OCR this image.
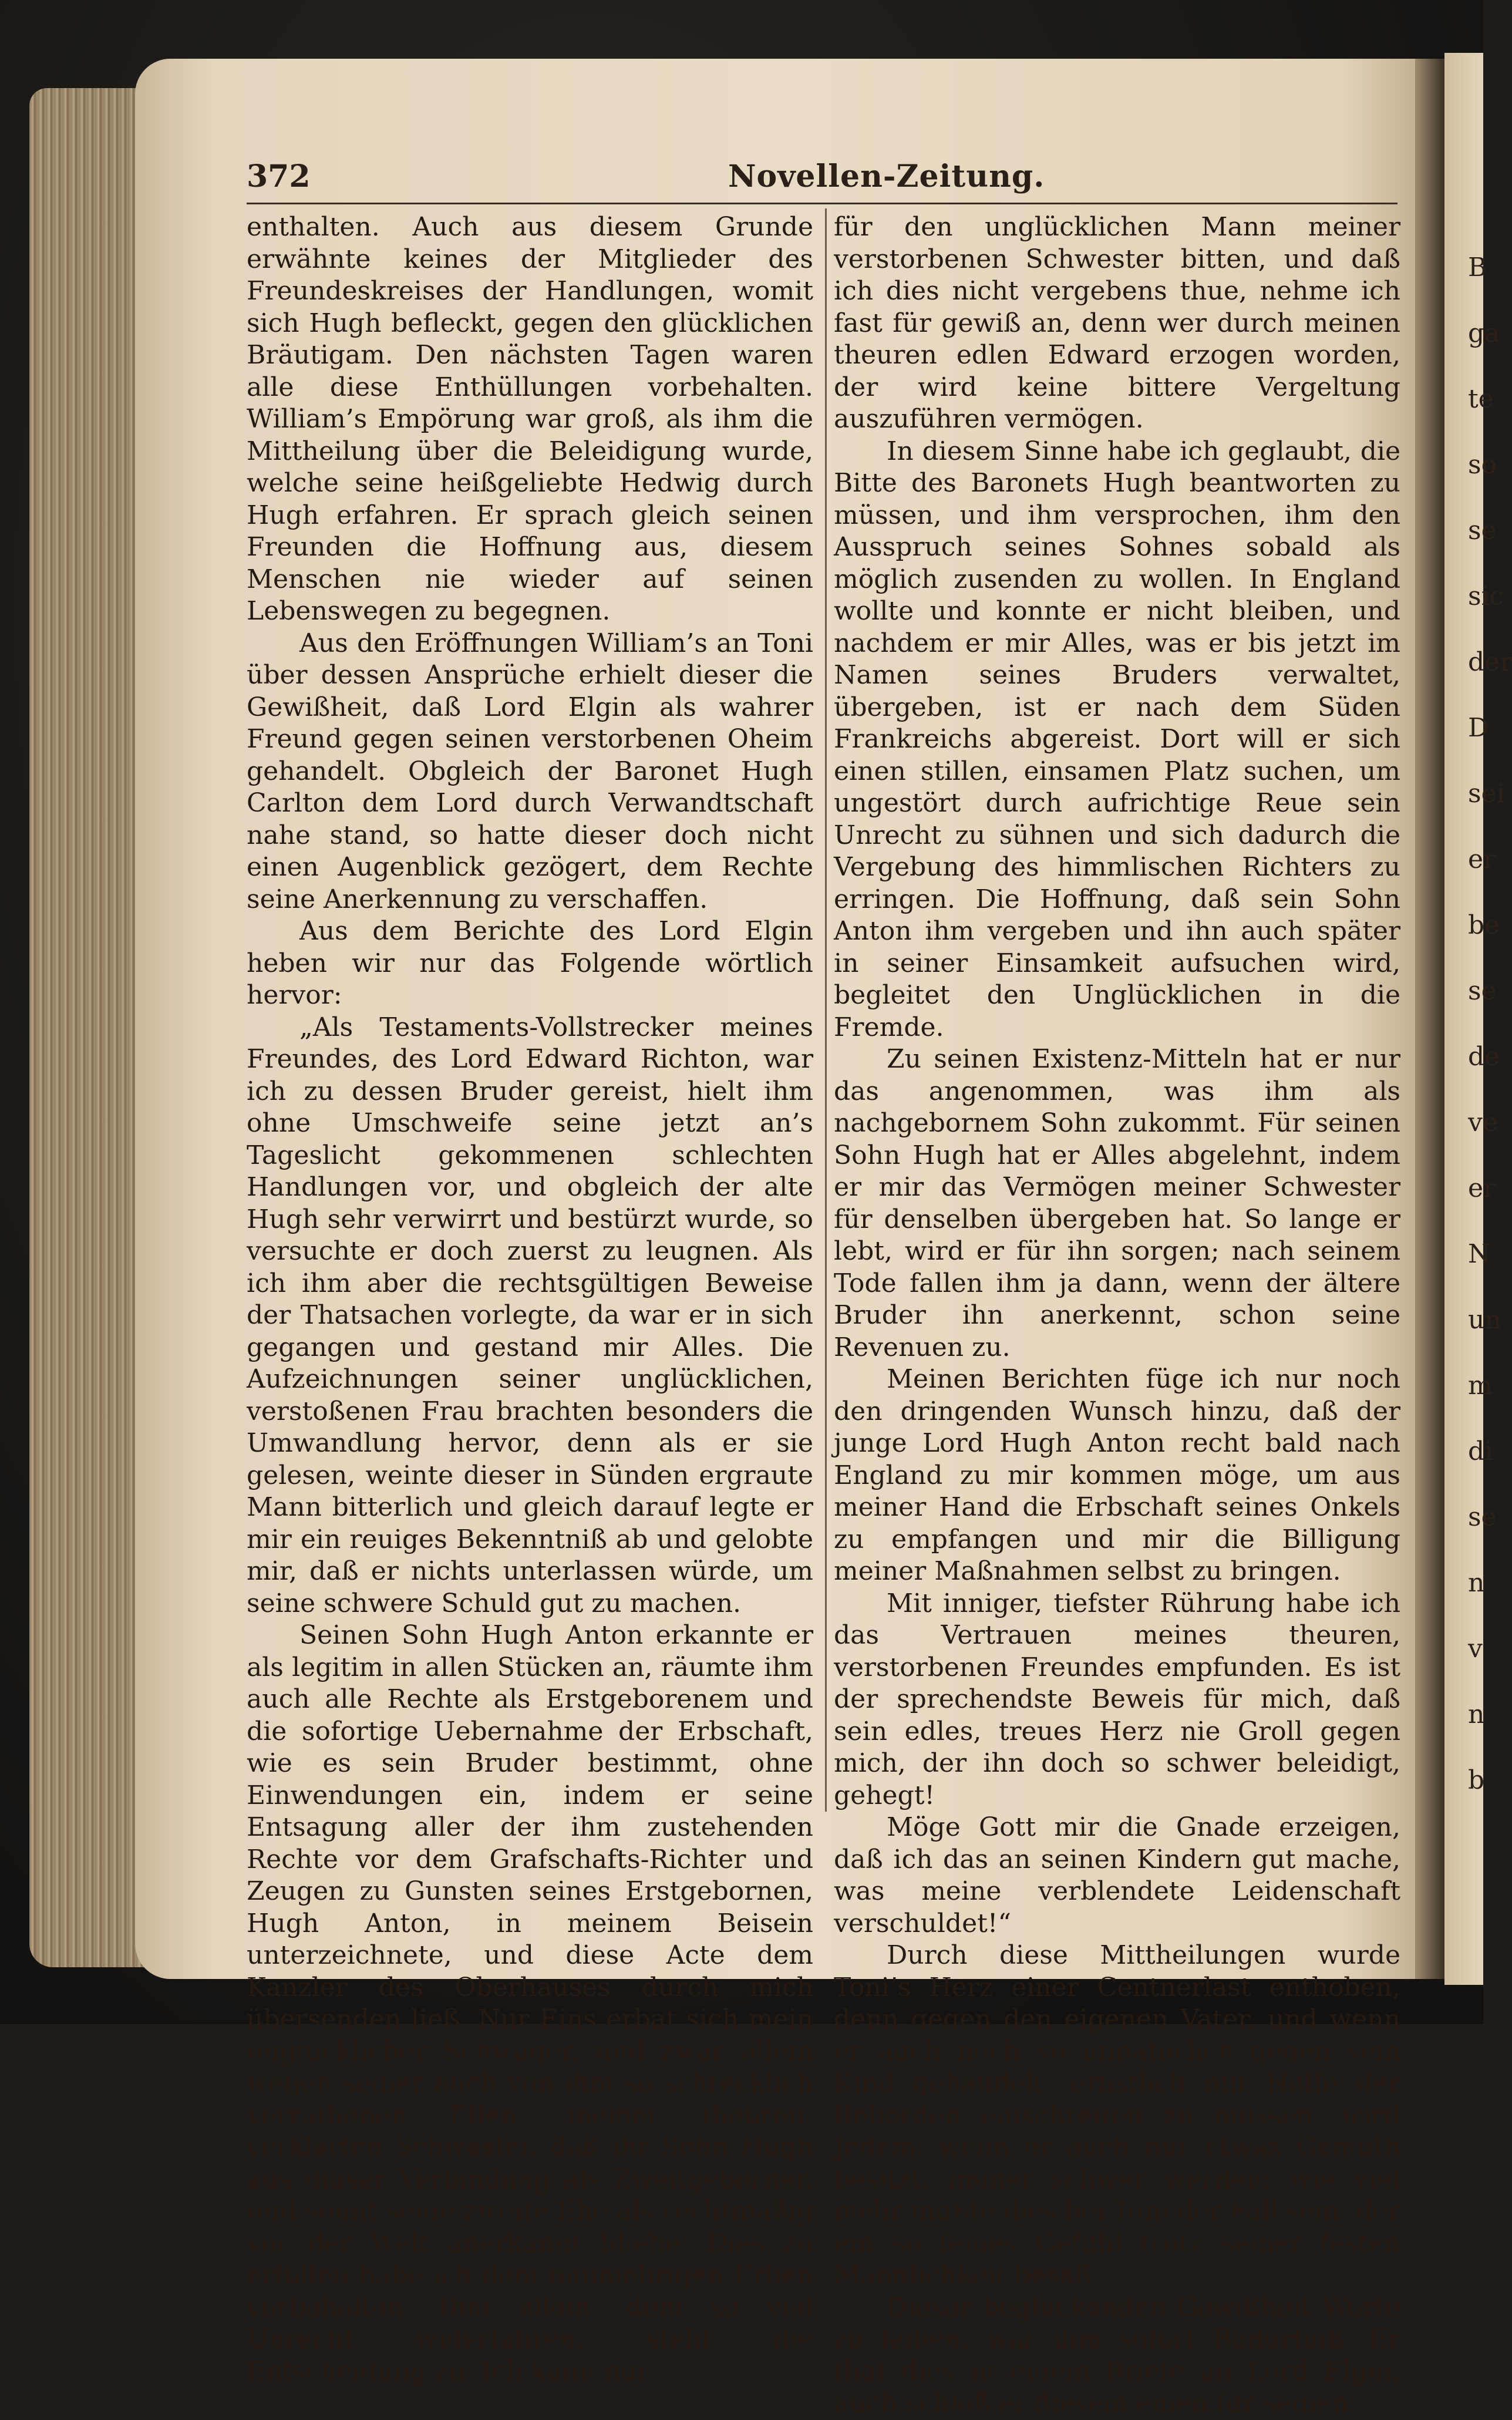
B
ga
te
so
se
sic
der
D
sei
er
be
se
de
ve
er
N
un
m
di
se
n
v
n
b
372	Novellen-Zeitung.

enthalten. Auch aus diesem Grunde erwähnte keines der Mitglieder des Freundeskreises der Handlungen, womit sich Hugh befleckt, gegen den glücklichen Bräutigam. Den nächsten Tagen waren alle diese Enthüllungen vorbehalten. William’s Empörung war groß, als ihm die Mittheilung über die Beleidigung wurde, welche seine heißgeliebte Hedwig durch Hugh erfahren. Er sprach gleich seinen Freunden die Hoffnung aus, diesem Menschen nie wieder auf seinen Lebenswegen zu begegnen.

Aus den Eröffnungen William’s an Toni über dessen Ansprüche erhielt dieser die Gewißheit, daß Lord Elgin als wahrer Freund gegen seinen verstorbenen Oheim gehandelt. Obgleich der Baronet Hugh Carlton dem Lord durch Verwandtschaft nahe stand, so hatte dieser doch nicht einen Augenblick gezögert, dem Rechte seine Anerkennung zu verschaffen.

Aus dem Berichte des Lord Elgin heben wir nur das Folgende wörtlich hervor:

„Als Testaments-Vollstrecker meines Freundes, des Lord Edward Richton, war ich zu dessen Bruder gereist, hielt ihm ohne Umschweife seine jetzt an’s Tageslicht gekommenen schlechten Handlungen vor, und obgleich der alte Hugh sehr verwirrt und bestürzt wurde, so versuchte er doch zuerst zu leugnen. Als ich ihm aber die rechtsgültigen Beweise der Thatsachen vorlegte, da war er in sich gegangen und gestand mir Alles. Die Aufzeichnungen seiner unglücklichen, verstoßenen Frau brachten besonders die Umwandlung hervor, denn als er sie gelesen, weinte dieser in Sünden ergraute Mann bitterlich und gleich darauf legte er mir ein reuiges Bekenntniß ab und gelobte mir, daß er nichts unterlassen würde, um seine schwere Schuld gut zu machen.

Seinen Sohn Hugh Anton erkannte er als legitim in allen Stücken an, räumte ihm auch alle Rechte als Erstgeborenem und die sofortige Uebernahme der Erbschaft, wie es sein Bruder bestimmt, ohne Einwendungen ein, indem er seine Entsagung aller der ihm zustehenden Rechte vor dem Grafschafts-Richter und Zeugen zu Gunsten seines Erstgebornen, Hugh Anton, in meinem Beisein unterzeichnete, und diese Acte dem Kanzler des Oberhauses durch mich übersenden ließ. Nur Eins erbat sich mein unglücklicher Schwager, und zwar allein wegen seiner auch von ihm so schrecklich verrathenen Ellen, meiner theuren, verklärten Schwester, daß ihr Sohn Hugh aus dieser Verbindung als Zweitgeborner, und somit seine zweite Ehe als rechtmäßig vor der Welt anerkannt bliebe. Dies zu erfüllen habe ich dem nunmehrigen Erben vorbehalten. Ihm allein, dem so viel Unrecht widerfahren, steht die Entscheidung zu. Ich kann nur

für den unglücklichen Mann meiner verstorbenen Schwester bitten, und daß ich dies nicht vergebens thue, nehme ich fast für gewiß an, denn wer durch meinen theuren edlen Edward erzogen worden, der wird keine bittere Vergeltung auszuführen vermögen.

In diesem Sinne habe ich geglaubt, die Bitte des Baronets Hugh beantworten zu müssen, und ihm versprochen, ihm den Ausspruch seines Sohnes sobald als möglich zusenden zu wollen. In England wollte und konnte er nicht bleiben, und nachdem er mir Alles, was er bis jetzt im Namen seines Bruders verwaltet, übergeben, ist er nach dem Süden Frankreichs abgereist. Dort will er sich einen stillen, einsamen Platz suchen, um ungestört durch aufrichtige Reue sein Unrecht zu sühnen und sich dadurch die Vergebung des himmlischen Richters zu erringen. Die Hoffnung, daß sein Sohn Anton ihm vergeben und ihn auch später in seiner Einsamkeit aufsuchen wird, begleitet den Unglücklichen in die Fremde.

Zu seinen Existenz-Mitteln hat er nur das angenommen, was ihm als nachgebornem Sohn zukommt. Für seinen Sohn Hugh hat er Alles abgelehnt, indem er mir das Vermögen meiner Schwester für denselben übergeben hat. So lange er lebt, wird er für ihn sorgen; nach seinem Tode fallen ihm ja dann, wenn der ältere Bruder ihn anerkennt, schon seine Revenuen zu.

Meinen Berichten füge ich nur noch den dringenden Wunsch hinzu, daß der junge Lord Hugh Anton recht bald nach England zu mir kommen möge, um aus meiner Hand die Erbschaft seines Onkels zu empfangen und mir die Billigung meiner Maßnahmen selbst zu bringen.

Mit inniger, tiefster Rührung habe ich das Vertrauen meines theuren, verstorbenen Freundes empfunden. Es ist der sprechendste Beweis für mich, daß sein edles, treues Herz nie Groll gegen mich, der ihn doch so schwer beleidigt, gehegt!

Möge Gott mir die Gnade erzeigen, daß ich das an seinen Kindern gut mache, was meine verblendete Leidenschaft verschuldet!“

Durch diese Mittheilungen wurde Toni’s Herz einer Centnerlast enthoben, denn gegen den eigenen Vater, und wenn er auch noch so unnatürlich gegen sein Kind gehandelt, ernstlich mit Hülfe der Behörden einschreiten zu müssen, wird Jedem, wenn er auch nur etwas Gemüth besitzt, immer schwer werden; wie viel mehr mußte dies bei Toni der Fall sein, der ein so feines Gefühl trotz seiner festen Männlichkeit besaß.

Dieser beglückenden Gewißheit Worte zu leihen, war ihm sofort Bedürfniß. Er that dies in einem Briefe an Lord Elgin, auch schloß er diesem einen für seinen
